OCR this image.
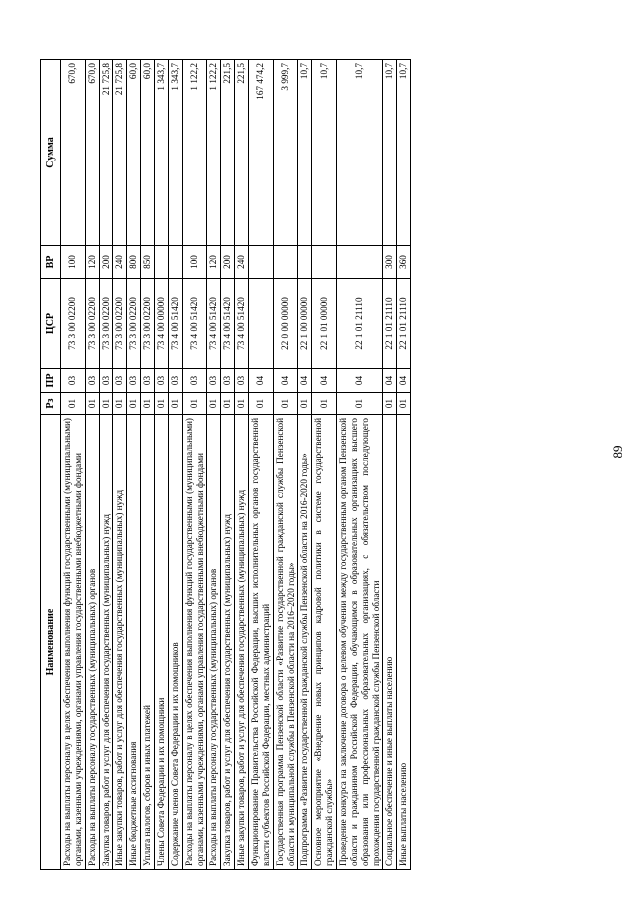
89
Наименование	Рз	ПР	ЦСР	ВР	Сумма
Расходы на выплаты персоналу в целях обеспечения выполнения функций государственными (муниципальными) органами, казенными учреждениями, органами управления государственными внебюджетными фондами	01	03	73 3 00 02200	100	670,0
Расходы на выплаты персоналу государственных (муниципальных) органов	01	03	73 3 00 02200	120	670,0
Закупка товаров, работ и услуг для обеспечения государственных (муниципальных) нужд	01	03	73 3 00 02200	200	21 725,8
Иные закупки товаров, работ и услуг для обеспечения государственных (муниципальных) нужд	01	03	73 3 00 02200	240	21 725,8
Иные бюджетные ассигнования	01	03	73 3 00 02200	800	60,0
Уплата налогов, сборов и иных платежей	01	03	73 3 00 02200	850	60,0
Члены Совета Федерации и их помощники	01	03	73 4 00 00000		1 343,7
Содержание членов Совета Федерации и их помощников	01	03	73 4 00 51420		1 343,7
Расходы на выплаты персоналу в целях обеспечения выполнения функций государственными (муниципальными) органами, казенными учреждениями, органами управления государственными внебюджетными фондами	01	03	73 4 00 51420	100	1 122,2
Расходы на выплаты персоналу государственных (муниципальных) органов	01	03	73 4 00 51420	120	1 122,2
Закупка товаров, работ и услуг для обеспечения государственных (муниципальных) нужд	01	03	73 4 00 51420	200	221,5
Иные закупки товаров, работ и услуг для обеспечения государственных (муниципальных) нужд	01	03	73 4 00 51420	240	221,5
Функционирование Правительства Российской Федерации, высших исполнительных органов государственной власти субъектов Российской Федерации, местных администраций	01	04			167 474,2
Государственная программа Пензенской области «Развитие государственной гражданской службы Пензенской области и муниципальной службы в Пензенской области на 2016–2020 годы»	01	04	22 0 00 00000		3 999,7
Подпрограмма «Развитие государственной гражданской службы Пензенской области на 2016-2020 годы»	01	04	22 1 00 00000		10,7
Основное мероприятие «Внедрение новых принципов кадровой политики в системе государственной гражданской службы»	01	04	22 1 01 00000		10,7
Проведение конкурса на заключение договора о целевом обучении между государственным органом Пензенской области и гражданином Российской Федерации, обучающимся в образовательных организациях высшего образования или профессиональных образовательных организациях, с обязательством последующего прохождения государственной гражданской службы Пензенской области	01	04	22 1 01 21110		10,7
Социальное обеспечение и иные выплаты населению	01	04	22 1 01 21110	300	10,7
Иные выплаты населению	01	04	22 1 01 21110	360	10,7
